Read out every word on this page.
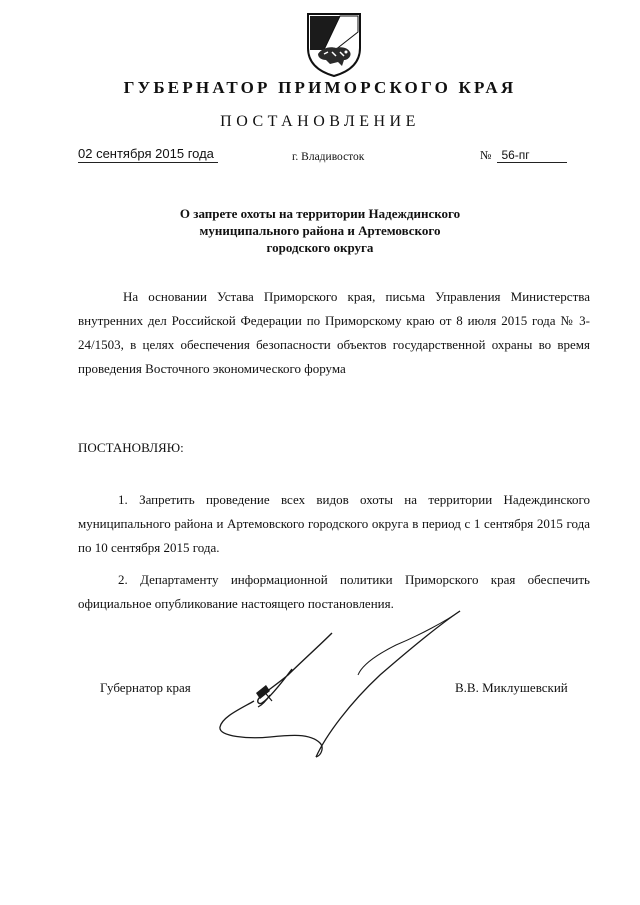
ГУБЕРНАТОР ПРИМОРСКОГО КРАЯ
ПОСТАНОВЛЕНИЕ
02 сентября 2015 года	г. Владивосток	№ 56-пг
О запрете охоты на территории Надеждинского
муниципального района и Артемовского
городского округа
На основании Устава Приморского края, письма Управления Министерства внутренних дел Российской Федерации по Приморскому краю от 8 июля 2015 года № 3-24/1503, в целях обеспечения безопасности объектов государственной охраны во время проведения Восточного экономического форума
ПОСТАНОВЛЯЮ:
1. Запретить проведение всех видов охоты на территории Надеждинского муниципального района и Артемовского городского округа в период с 1 сентября 2015 года по 10 сентября 2015 года.
2. Департаменту информационной политики Приморского края обеспечить официальное опубликование настоящего постановления.
Губернатор края	В.В. Миклушевский
